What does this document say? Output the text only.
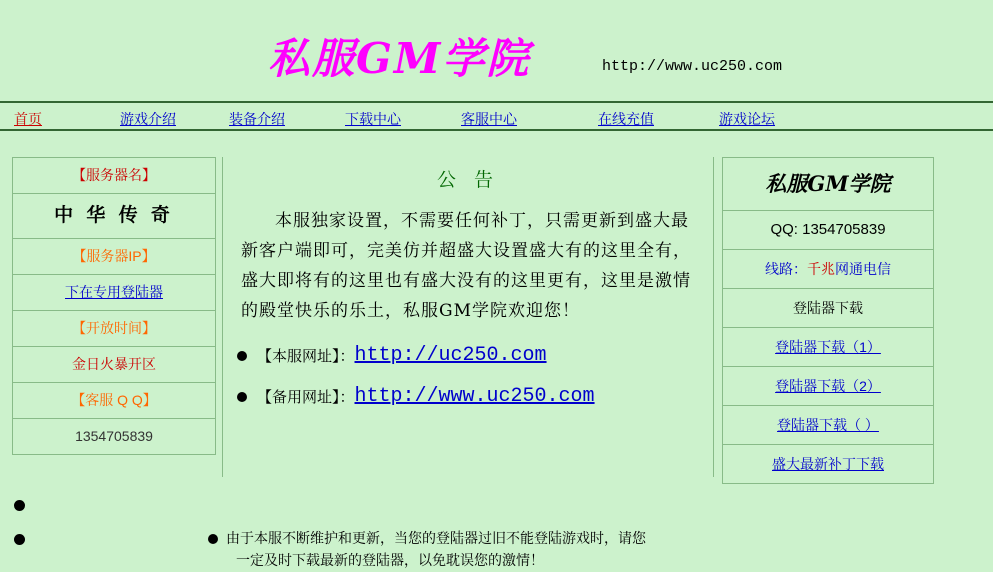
私服GM学院	http://www.uc250.com
首页	游戏介绍	装备介绍	下载中心	客服中心	在线充值	游戏论坛
【服务器名】
中 华 传 奇
【服务器IP】
下在专用登陆器
【开放时间】
金日火暴开区
【客服 Q Q】
1354705839
公 告
本服独家设置，不需要任何补丁，只需更新到盛大最新客户端即可，完美仿并超盛大设置盛大有的这里全有，盛大即将有的这里也有盛大没有的这里更有，这里是激情的殿堂快乐的乐土，私服GM学院欢迎您！
【本服网址】： http://uc250.com
【备用网址】： http://www.uc250.com
私服GM学院
QQ: 1354705839
线路：千兆网通电信
登陆器下载
登陆器下载（1）
登陆器下载（2）
登陆器下载（ ）
盛大最新补丁下载
由于本服不断维护和更新，当您的登陆器过旧不能登陆游戏时，请您
一定及时下载最新的登陆器，以免耽误您的激情！
